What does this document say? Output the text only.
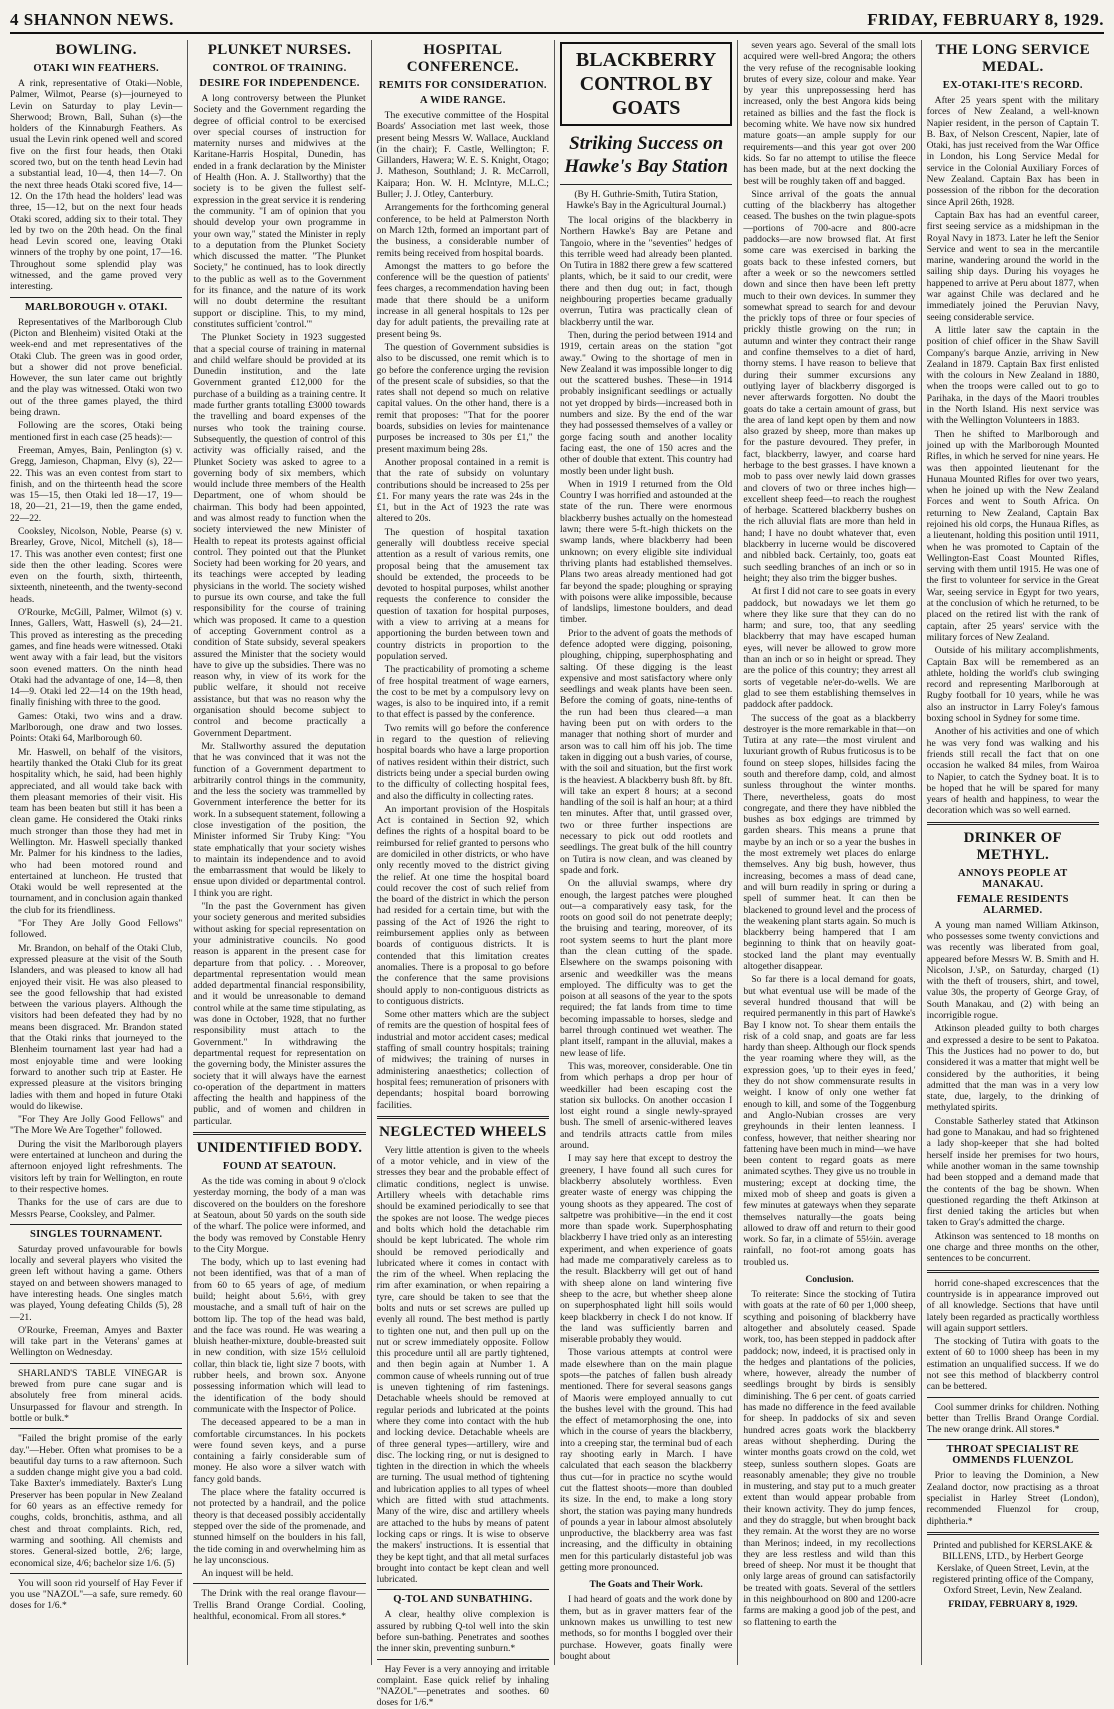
4 SHANNON NEWS.	FRIDAY, FEBRUARY 8, 1929.
BOWLING.
OTAKI WIN FEATHERS.

A rink, representative of Otaki—Noble, Palmer, Wilmot, Pearse (s)—journeyed to Levin on Saturday to play Levin—Sherwood; Brown, Ball, Suhan (s)—the holders of the Kinnaburgh Feathers. As usual the Levin rink opened well and scored five on the first four heads, then Otaki scored two, but on the tenth head Levin had a substantial lead, 10—4, then 14—7. On the next three heads Otaki scored five, 14—12. On the 17th head the holders' lead was three, 15—12, but on the next four heads Otaki scored, adding six to their total. They led by two on the 20th head. On the final head Levin scored one, leaving Otaki winners of the trophy by one point, 17—16. Throughout some splendid play was witnessed, and the game proved very interesting.

MARLBOROUGH v. OTAKI.

Representatives of the Marlborough Club (Picton and Blenheim) visited Otaki at the week-end and met representatives of the Otaki Club. The green was in good order, but a shower did not prove beneficial. However, the sun later came out brightly and the play was witnessed. Otaki won two out of the three games played, the third being drawn.

Following are the scores, Otaki being mentioned first in each case (25 heads):—

Freeman, Amyes, Bain, Penlington (s) v. Gregg, Jamieson, Chapman, Elvy (s), 22—22. This was an even contest from start to finish, and on the thirteenth head the score was 15—15, then Otaki led 18—17, 19—18, 20—21, 21—19, then the game ended, 22—22.

Cooksley, Nicolson, Noble, Pearse (s) v. Brearley, Grove, Nicol, Mitchell (s), 18—17. This was another even contest; first one side then the other leading. Scores were even on the fourth, sixth, thirteenth, sixteenth, nineteenth, and the twenty-second heads.

O'Rourke, McGill, Palmer, Wilmot (s) v. Innes, Gallers, Watt, Haswell (s), 24—21. This proved as interesting as the preceding games, and fine heads were witnessed. Otaki went away with a fair lead, but the visitors soon evened matters. On the ninth head Otaki had the advantage of one, 14—8, then 14—9. Otaki led 22—14 on the 19th head, finally finishing with three to the good.

Games: Otaki, two wins and a draw. Marlborough, one draw and two losses. Points: Otaki 64, Marlborough 60.

Mr. Haswell, on behalf of the visitors, heartily thanked the Otaki Club for its great hospitality which, he said, had been highly appreciated, and all would take back with them pleasant memories of their visit. His team has been beaten but still it has been a clean game. He considered the Otaki rinks much stronger than those they had met in Wellington. Mr. Haswell specially thanked Mr. Palmer for his kindness to the ladies, who had been motored round and entertained at luncheon. He trusted that Otaki would be well represented at the tournament, and in conclusion again thanked the club for its friendliness.

"For They Are Jolly Good Fellows" followed.

Mr. Brandon, on behalf of the Otaki Club, expressed pleasure at the visit of the South Islanders, and was pleased to know all had enjoyed their visit. He was also pleased to see the good fellowship that had existed between the various players. Although the visitors had been defeated they had by no means been disgraced. Mr. Brandon stated that the Otaki rinks that journeyed to the Blenheim tournament last year had had a most enjoyable time and were looking forward to another such trip at Easter. He expressed pleasure at the visitors bringing ladies with them and hoped in future Otaki would do likewise.

"For They Are Jolly Good Fellows" and "The More We Are Together" followed.

During the visit the Marlborough players were entertained at luncheon and during the afternoon enjoyed light refreshments. The visitors left by train for Wellington, en route to their respective homes.

Thanks for the use of cars are due to Messrs Pearse, Cooksley, and Palmer.

SINGLES TOURNAMENT.

Saturday proved unfavourable for bowls locally and several players who visited the green left without having a game. Others stayed on and between showers managed to have interesting heads. One singles match was played, Young defeating Childs (5), 28—21.

O'Rourke, Freeman, Amyes and Baxter will take part in the Veterans' games at Wellington on Wednesday.

SHARLAND'S TABLE VINEGAR is brewed from pure cane sugar and is absolutely free from mineral acids. Unsurpassed for flavour and strength. In bottle or bulk.*

"Failed the bright promise of the early day."—Heber. Often what promises to be a beautiful day turns to a raw afternoon. Such a sudden change might give you a bad cold. Take Baxter's immediately. Baxter's Lung Preserver has been popular in New Zealand for 60 years as an effective remedy for coughs, colds, bronchitis, asthma, and all chest and throat complaints. Rich, red, warming and soothing. All chemists and stores. General-sized bottle, 2/6; large, economical size, 4/6; bachelor size 1/6. (5)

You will soon rid yourself of Hay Fever if you use "NAZOL"—a safe, sure remedy. 60 doses for 1/6.*

PLUNKET NURSES.
CONTROL OF TRAINING.
DESIRE FOR INDEPENDENCE.

A long controversy between the Plunket Society and the Government regarding the degree of official control to be exercised over special courses of instruction for maternity nurses and midwives at the Karitane-Harris Hospital, Dunedin, has ended in a frank declaration by the Minister of Health (Hon. A. J. Stallworthy) that the society is to be given the fullest self-expression in the great service it is rendering the community. "I am of opinion that you should develop your own programme in your own way," stated the Minister in reply to a deputation from the Plunket Society which discussed the matter. "The Plunket Society," he continued, has to look directly to the public as well as to the Government for its finance, and the nature of its work will no doubt determine the resultant support or discipline. This, to my mind, constitutes sufficient 'control.'"

The Plunket Society in 1923 suggested that a special course of training in maternal and child welfare should be provided at its Dunedin institution, and the late Government granted £12,000 for the purchase of a building as a training centre. It made further grants totalling £3000 towards the travelling and board expenses of the nurses who took the training course. Subsequently, the question of control of this activity was officially raised, and the Plunket Society was asked to agree to a governing body of six members, which would include three members of the Health Department, one of whom should be chairman. This body had been appointed, and was almost ready to function when the society interviewed the new Minister of Health to repeat its protests against official control. They pointed out that the Plunket Society had been working for 20 years, and its teachings were accepted by leading physicians in the world. The society wished to pursue its own course, and take the full responsibility for the course of training which was proposed. It came to a question of accepting Government control as a condition of State subsidy, several speakers assured the Minister that the society would have to give up the subsidies. There was no reason why, in view of its work for the public welfare, it should not receive assistance, but that was no reason why the organisation should become subject to control and become practically a Government Department.

Mr. Stallworthy assured the deputation that he was convinced that it was not the function of a Government department to arbitrarily control things in the community, and the less the society was trammelled by Government interference the better for its work. In a subsequent statement, following a close investigation of the position, the Minister informed Sir Truby King: "You state emphatically that your society wishes to maintain its independence and to avoid the embarrassment that would be likely to ensue upon divided or departmental control. I think you are right.

"In the past the Government has given your society generous and merited subsidies without asking for special representation on your administrative councils. No good reason is apparent in the present case for departure from that policy. . . Moreover, departmental representation would mean added departmental financial responsibility, and it would be unreasonable to demand control while at the same time stipulating, as was done in October, 1928, that no further responsibility must attach to the Government." In withdrawing the departmental request for representation on the governing body, the Minister assures the society that it will always have the earnest co-operation of the department in matters affecting the health and happiness of the public, and of women and children in particular.

UNIDENTIFIED BODY.
FOUND AT SEATOUN.

As the tide was coming in about 9 o'clock yesterday morning, the body of a man was discovered on the boulders on the foreshore at Seatoun, about 50 yards on the south side of the wharf. The police were informed, and the body was removed by Constable Henry to the City Morgue.

The body, which up to last evening had not been identified, was that of a man of from 60 to 65 years of age, of medium build; height about 5.6½, with grey moustache, and a small tuft of hair on the bottom lip. The top of the head was bald, and the face was round. He was wearing a bluish heather-mixture, double-breasted suit in new condition, with size 15½ celluloid collar, thin black tie, light size 7 boots, with rubber heels, and brown sox. Anyone possessing information which will lead to the identification of the body should communicate with the Inspector of Police.

The deceased appeared to be a man in comfortable circumstances. In his pockets were found seven keys, and a purse containing a fairly considerable sum of money. He also wore a silver watch with fancy gold bands.

The place where the fatality occurred is not protected by a handrail, and the police theory is that deceased possibly accidentally stepped over the side of the promenade, and stunned himself on the boulders in his fall, the tide coming in and overwhelming him as he lay unconscious.

An inquest will be held.

The Drink with the real orange flavour—Trellis Brand Orange Cordial. Cooling, healthful, economical. From all stores.*

HOSPITAL CONFERENCE.
REMITS FOR CONSIDERATION.
A WIDE RANGE.

The executive committee of the Hospital Boards' Association met last week, those present being Messrs W. Wallace, Auckland (in the chair); F. Castle, Wellington; F. Gillanders, Hawera; W. E. S. Knight, Otago; J. Matheson, Southland; J. R. McCarroll, Kaipara; Hon. W. H. McIntyre, M.L.C.; Buller; J. J. Otley, Canterbury.

Arrangements for the forthcoming general conference, to be held at Palmerston North on March 12th, formed an important part of the business, a considerable number of remits being received from hospital boards.

Amongst the matters to go before the conference will be the question of patients' fees charges, a recommendation having been made that there should be a uniform increase in all general hospitals to 12s per day for adult patients, the prevailing rate at present being 9s.

The question of Government subsidies is also to be discussed, one remit which is to go before the conference urging the revision of the present scale of subsidies, so that the rates shall not depend so much on relative capital values. On the other hand, there is a remit that proposes: "That for the poorer boards, subsidies on levies for maintenance purposes be increased to 30s per £1," the present maximum being 28s.

Another proposal contained in a remit is that the rate of subsidy on voluntary contributions should be increased to 25s per £1. For many years the rate was 24s in the £1, but in the Act of 1923 the rate was altered to 20s.

The question of hospital taxation generally will doubtless receive special attention as a result of various remits, one proposal being that the amusement tax should be extended, the proceeds to be devoted to hospital purposes, whilst another requests the conference to consider the question of taxation for hospital purposes, with a view to arriving at a means for apportioning the burden between town and country districts in proportion to the population served.

The practicability of promoting a scheme of free hospital treatment of wage earners, the cost to be met by a compulsory levy on wages, is also to be inquired into, if a remit to that effect is passed by the conference.

Two remits will go before the conference in regard to the question of relieving hospital boards who have a large proportion of natives resident within their district, such districts being under a special burden owing to the difficulty of collecting hospital fees, and also the difficulty in collecting rates.

An important provision of the Hospitals Act is contained in Section 92, which defines the rights of a hospital board to be reimbursed for relief granted to persons who are domiciled in other districts, or who have only recently moved to the district giving the relief. At one time the hospital board could recover the cost of such relief from the board of the district in which the person had resided for a certain time, but with the passing of the Act of 1926 the right to reimbursement applies only as between boards of contiguous districts. It is contended that this limitation creates anomalies. There is a proposal to go before the conference that the same provisions should apply to non-contiguous districts as to contiguous districts.

Some other matters which are the subject of remits are the question of hospital fees of industrial and motor accident cases; medical staffing of small country hospitals; training of midwives; the training of nurses in administering anaesthetics; collection of hospital fees; remuneration of prisoners with dependants; hospital board borrowing facilities.

NEGLECTED WHEELS

Very little attention is given to the wheels of a motor vehicle, and in view of the stresses they bear and the probable effect of climatic conditions, neglect is unwise. Artillery wheels with detachable rims should be examined periodically to see that the spokes are not loose. The wedge pieces and bolts which hold the detachable rim should be kept lubricated. The whole rim should be removed periodically and lubricated where it comes in contact with the rim of the wheel. When replacing the rim after examination, or when repairing a tyre, care should be taken to see that the bolts and nuts or set screws are pulled up evenly all round. The best method is partly to tighten one nut, and then pull up on the nut or screw immediately opposite. Follow this procedure until all are partly tightened, and then begin again at Number 1. A common cause of wheels running out of true is uneven tightening of rim fastenings. Detachable wheels should be removed at regular periods and lubricated at the points where they come into contact with the hub and locking device. Detachable wheels are of three general types—artillery, wire and disc. The locking ring, or nut is designed to tighten in the direction in which the wheels are turning. The usual method of tightening and lubrication applies to all types of wheel which are fitted with stud attachments. Many of the wire, disc and artillery wheels are attached to the hubs by means of patent locking caps or rings. It is wise to observe the makers' instructions. It is essential that they be kept tight, and that all metal surfaces brought into contact be kept clean and well lubricated.

Q-TOL AND SUNBATHING.

A clear, healthy olive complexion is assured by rubbing Q-tol well into the skin before sun-bathing. Penetrates and soothes the inner skin, preventing sunburn.*

Hay Fever is a very annoying and irritable complaint. Ease quick relief by inhaling "NAZOL"—penetrates and soothes. 60 doses for 1/6.*

BLACKBERRY CONTROL BY GOATS
Striking Success on Hawke's Bay Station
(By H. Guthrie-Smith, Tutira Station, Hawke's Bay in the Agricultural Journal.)

The local origins of the blackberry in Northern Hawke's Bay are Petane and Tangoio, where in the "seventies" hedges of this terrible weed had already been planted. On Tutira in 1882 there grew a few scattered plants, which, be it said to our credit, were there and then dug out; in fact, though neighbouring properties became gradually overrun, Tutira was practically clean of blackberry until the war.

Then, during the period between 1914 and 1919, certain areas on the station "got away." Owing to the shortage of men in New Zealand it was impossible longer to dig out the scattered bushes. These—in 1914 probably insignificant seedlings or actually not yet dropped by birds—increased both in numbers and size. By the end of the war they had possessed themselves of a valley or gorge facing south and another locality facing east, the one of 150 acres and the other of double that extent. This country had mostly been under light bush.

When in 1919 I returned from the Old Country I was horrified and astounded at the state of the run. There were enormous blackberry bushes actually on the homestead lawn; there were 5-ft.-high thickets on the swamp lands, where blackberry had been unknown; on every eligible site individual thriving plants had established themselves. Plans two areas already mentioned had got far beyond the spade; ploughing or spraying with poisons were alike impossible, because of landslips, limestone boulders, and dead timber.

Prior to the advent of goats the methods of defence adopted were digging, poisoning, ploughing, chipping, superphosphating and salting. Of these digging is the least expensive and most satisfactory where only seedlings and weak plants have been seen. Before the coming of goats, nine-tenths of the run had been thus cleared—a man having been put on with orders to the manager that nothing short of murder and arson was to call him off his job. The time taken in digging out a bush varies, of course, with the soil and situation, but the first work is the heaviest. A blackberry bush 8ft. by 8ft. will take an expert 8 hours; at a second handling of the soil is half an hour; at a third ten minutes. After that, until grassed over, two or three further inspections are necessary to pick out odd rootlets and seedlings. The great bulk of the hill country on Tutira is now clean, and was cleaned by spade and fork.

On the alluvial swamps, where dry enough, the largest patches were ploughed out—a comparatively easy task, for the roots on good soil do not penetrate deeply; the bruising and tearing, moreover, of its root system seems to hurt the plant more than the clean cutting of the spade. Elsewhere on the swamps poisoning with arsenic and weedkiller was the means employed. The difficulty was to get the poison at all seasons of the year to the spots required; the fat lands from time to time becoming impassable to horses, sledge and barrel through continued wet weather. The plant itself, rampant in the alluvial, makes a new lease of life.

This was, moreover, considerable. One tin from which perhaps a drop per hour of weedkiller had been escaping cost the station six bullocks. On another occasion I lost eight round a single newly-sprayed bush. The smell of arsenic-withered leaves and tendrils attracts cattle from miles around.

I may say here that except to destroy the greenery, I have found all such cures for blackberry absolutely worthless. Even greater waste of energy was chipping the young shoots as they appeared. The cost of saltpetre was prohibitive—in the end it cost more than spade work. Superphosphating blackberry I have tried only as an interesting experiment, and when experience of goats had made me comparatively careless as to the result. Blackberry will get out of hand with sheep alone on land wintering five sheep to the acre, but whether sheep alone on superphosphated light hill soils would keep blackberry in check I do not know. If the land was sufficiently barren and miserable probably they would.

Those various attempts at control were made elsewhere than on the main plague spots—the patches of fallen bush already mentioned. There for several seasons gangs of Maoris were employed annually to cut the bushes level with the ground. This had the effect of metamorphosing the one, into which in the course of years the blackberry, into a creeping star, the terminal bud of each ray shooting early in March. I have calculated that each season the blackberry thus cut—for in practice no scythe would cut the flattest shoots—more than doubled its size. In the end, to make a long story short, the station was paying many hundreds of pounds a year in labour almost absolutely unproductive, the blackberry area was fast increasing, and the difficulty in obtaining men for this particularly distasteful job was getting more pronounced.

The Goats and Their Work.

I had heard of goats and the work done by them, but as in graver matters fear of the unknown makes us unwilling to test new methods, so for months I boggled over their purchase. However, goats finally were bought about

seven years ago. Several of the small lots acquired were well-bred Angora; the others the very refuse of the recognisable looking brutes of every size, colour and make. Year by year this unprepossessing herd has increased, only the best Angora kids being retained as billies and the fast the flock is becoming white. We have now six hundred mature goats—an ample supply for our requirements—and this year got over 200 kids. So far no attempt to utilise the fleece has been made, but at the next docking the best will be roughly taken off and bagged.

Since arrival of the goats the annual cutting of the blackberry has altogether ceased. The bushes on the twin plague-spots—portions of 700-acre and 800-acre paddocks—are now browsed flat. At first some care was exercised in barking the goats back to these infested corners, but after a week or so the newcomers settled down and since then have been left pretty much to their own devices. In summer they somewhat spread to search for and devour the prickly tops of three or four species of prickly thistle growing on the run; in autumn and winter they contract their range and confine themselves to a diet of hard, thorny stems. I have reason to believe that during their summer excursions any outlying layer of blackberry disgorged is never afterwards forgotten. No doubt the goats do take a certain amount of grass, but the area of land kept open by them and now also grazed by sheep, more than makes up for the pasture devoured. They prefer, in fact, blackberry, lawyer, and coarse hard herbage to the best grasses. I have known a mob to pass over newly laid down grasses and clovers of two or three inches high—excellent sheep feed—to reach the roughest of herbage. Scattered blackberry bushes on the rich alluvial flats are more than held in hand; I have no doubt whatever that, even blackberry in lucerne would be discovered and nibbled back. Certainly, too, goats eat such seedling branches of an inch or so in height; they also trim the bigger bushes.

At first I did not care to see goats in every paddock, but nowadays we let them go where they like sure that they can do no harm; and sure, too, that any seedling blackberry that may have escaped human eyes, will never be allowed to grow more than an inch or so in height or spread. They are the police of this country; they arrest all sorts of vegetable ne'er-do-wells. We are glad to see them establishing themselves in paddock after paddock.

The success of the goat as a blackberry destroyer is the more remarkable in that—on Tutira at any rate—the most virulent and luxuriant growth of Rubus fruticosus is to be found on steep slopes, hillsides facing the south and therefore damp, cold, and almost sunless throughout the winter months. There, nevertheless, goats do most congregate, and there they have nibbled the bushes as box edgings are trimmed by garden shears. This means a prune that maybe by an inch or so a year the bushes in the most extremely wet places do enlarge themselves. Any big bush, however, thus increasing, becomes a mass of dead cane, and will burn readily in spring or during a spell of summer heat. It can then be blackened to ground level and the process of the weakening plant starts again. So much is blackberry being hampered that I am beginning to think that on heavily goat-stocked land the plant may eventually altogether disappear.

So far there is a local demand for goats, but what eventual use will be made of the several hundred thousand that will be required permanently in this part of Hawke's Bay I know not. To shear them entails the risk of a cold snap, and goats are far less hardy than sheep. Although our flock spends the year roaming where they will, as the expression goes, 'up to their eyes in feed,' they do not show commensurate results in weight. I know of only one wether fat enough to kill, and some of the Toggenburg and Anglo-Nubian crosses are very greyhounds in their lenten leanness. I confess, however, that neither shearing nor fattening have been much in mind—we have been content to regard goats as mere animated scythes. They give us no trouble in mustering; except at docking time, the mixed mob of sheep and goats is given a few minutes at gateways when they separate themselves naturally—the goats being allowed to draw off and return to their good work. So far, in a climate of 55½in. average rainfall, no foot-rot among goats has troubled us.

Conclusion.

To reiterate: Since the stocking of Tutira with goats at the rate of 60 per 1,000 sheep, scything and poisoning of blackberry have altogether and absolutely ceased. Spade work, too, has been stepped in paddock after paddock; now, indeed, it is practised only in the hedges and plantations of the policies, where, however, already the number of seedlings brought by birds is sensibly diminishing. The 6 per cent. of goats carried has made no difference in the feed available for sheep. In paddocks of six and seven hundred acres goats work the blackberry areas without shepherding. During the winter months goats crowd on the cold, wet steep, sunless southern slopes. Goats are reasonably amenable; they give no trouble in mustering, and stay put to a much greater extent than would appear probable from their known activity. They do jump fences, and they do straggle, but when brought back they remain. At the worst they are no worse than Merinos; indeed, in my recollections they are less restless and wild than this breed of sheep. Nor must it be thought that only large areas of ground can satisfactorily be treated with goats. Several of the settlers in this neighbourhood on 800 and 1200-acre farms are making a good job of the pest, and so flattening to earth the

THE LONG SERVICE MEDAL.
EX-OTAKI-ITE'S RECORD.

After 25 years spent with the military forces of New Zealand, a well-known Napier resident, in the person of Captain T. B. Bax, of Nelson Crescent, Napier, late of Otaki, has just received from the War Office in London, his Long Service Medal for service in the Colonial Auxiliary Forces of New Zealand. Captain Bax has been in possession of the ribbon for the decoration since April 26th, 1928.

Captain Bax has had an eventful career, first seeing service as a midshipman in the Royal Navy in 1873. Later he left the Senior Service and went to sea in the mercantile marine, wandering around the world in the sailing ship days. During his voyages he happened to arrive at Peru about 1877, when war against Chile was declared and he immediately joined the Peruvian Navy, seeing considerable service.

A little later saw the captain in the position of chief officer in the Shaw Savill Company's barque Anzie, arriving in New Zealand in 1879. Captain Bax first enlisted with the colours in New Zealand in 1880, when the troops were called out to go to Parihaka, in the days of the Maori troubles in the North Island. His next service was with the Wellington Volunteers in 1883.

Then he shifted to Marlborough and joined up with the Marlborough Mounted Rifles, in which he served for nine years. He was then appointed lieutenant for the Hunaua Mounted Rifles for over two years, when he joined up with the New Zealand Forces and went to South Africa. On returning to New Zealand, Captain Bax rejoined his old corps, the Hunaua Rifles, as a lieutenant, holding this position until 1911, when he was promoted to Captain of the Wellington-East Coast Mounted Rifles, serving with them until 1915. He was one of the first to volunteer for service in the Great War, seeing service in Egypt for two years, at the conclusion of which he returned, to be placed on the retired list with the rank of captain, after 25 years' service with the military forces of New Zealand.

Outside of his military accomplishments, Captain Bax will be remembered as an athlete, holding the world's club swinging record and representing Marlborough at Rugby football for 10 years, while he was also an instructor in Larry Foley's famous boxing school in Sydney for some time.

Another of his activities and one of which he was very fond was walking and his friends still recall the fact that on one occasion he walked 84 miles, from Wairoa to Napier, to catch the Sydney boat. It is to be hoped that he will be spared for many years of health and happiness, to wear the decoration which was so well earned.

DRINKER OF METHYL.
ANNOYS PEOPLE AT MANAKAU.
FEMALE RESIDENTS ALARMED.

A young man named William Atkinson, who possesses some twenty convictions and was recently was liberated from goal, appeared before Messrs W. B. Smith and H. Nicolson, J.'sP., on Saturday, charged (1) with the theft of trousers, shirt, and towel, value 30s, the property of George Gray, of South Manakau, and (2) with being an incorrigible rogue.

Atkinson pleaded guilty to both charges and expressed a desire to be sent to Pakatoa. This the Justices had no power to do, but considered it was a matter that might well be considered by the authorities, it being admitted that the man was in a very low state, due, largely, to the drinking of methylated spirits.

Constable Satherley stated that Atkinson had gone to Manakau, and had so frightened a lady shop-keeper that she had bolted herself inside her premises for two hours, while another woman in the same township had been stopped and a demand made that the contents of the bag be shown. When questioned regarding the theft Atkinson at first denied taking the articles but when taken to Gray's admitted the charge.

Atkinson was sentenced to 18 months on one charge and three months on the other, sentences to be concurrent.

horrid cone-shaped excrescences that the countryside is in appearance improved out of all knowledge. Sections that have until lately been regarded as practically worthless will again support settlers.

The stocking of Tutira with goats to the extent of 60 to 1000 sheep has been in my estimation an unqualified success. If we do not see this method of blackberry control can be bettered.

Cool summer drinks for children. Nothing better than Trellis Brand Orange Cordial. The new orange drink. All stores.*

THROAT SPECIALIST RE OMMENDS FLUENZOL

Prior to leaving the Dominion, a New Zealand doctor, now practising as a throat specialist in Harley Street (London), recommended Fluenzol for croup, diphtheria.*

Printed and published for KERSLAKE & BILLENS, LTD., by Herbert George Kerslake, of Queen Street, Levin, at the registered printing office of the Company, Oxford Street, Levin, New Zealand.

FRIDAY, FEBRUARY 8, 1929.
